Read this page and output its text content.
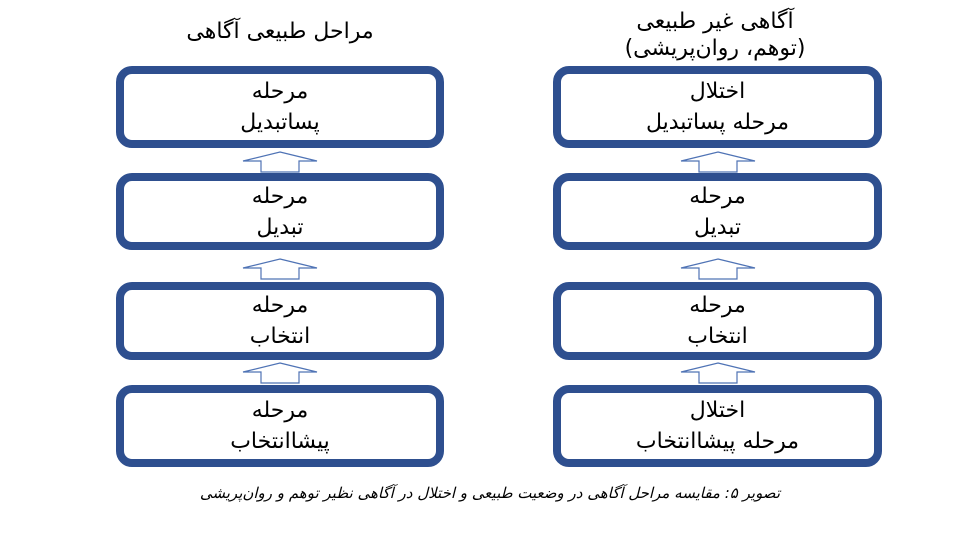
مراحل طبیعی آگاهی	آگاهی غیر طبیعی
(توهم، روان‌پریشی)
مرحله
پساتبدیل
مرحله
تبدیل
مرحله
انتخاب
مرحله
پیشاانتخاب
اختلال
مرحله پساتبدیل
مرحله
تبدیل
مرحله
انتخاب
اختلال
مرحله پیشاانتخاب
تصویر ۵: مقایسه مراحل آگاهی در وضعیت طبیعی و اختلال در آگاهی نظیر توهم و روان‌پریشی
